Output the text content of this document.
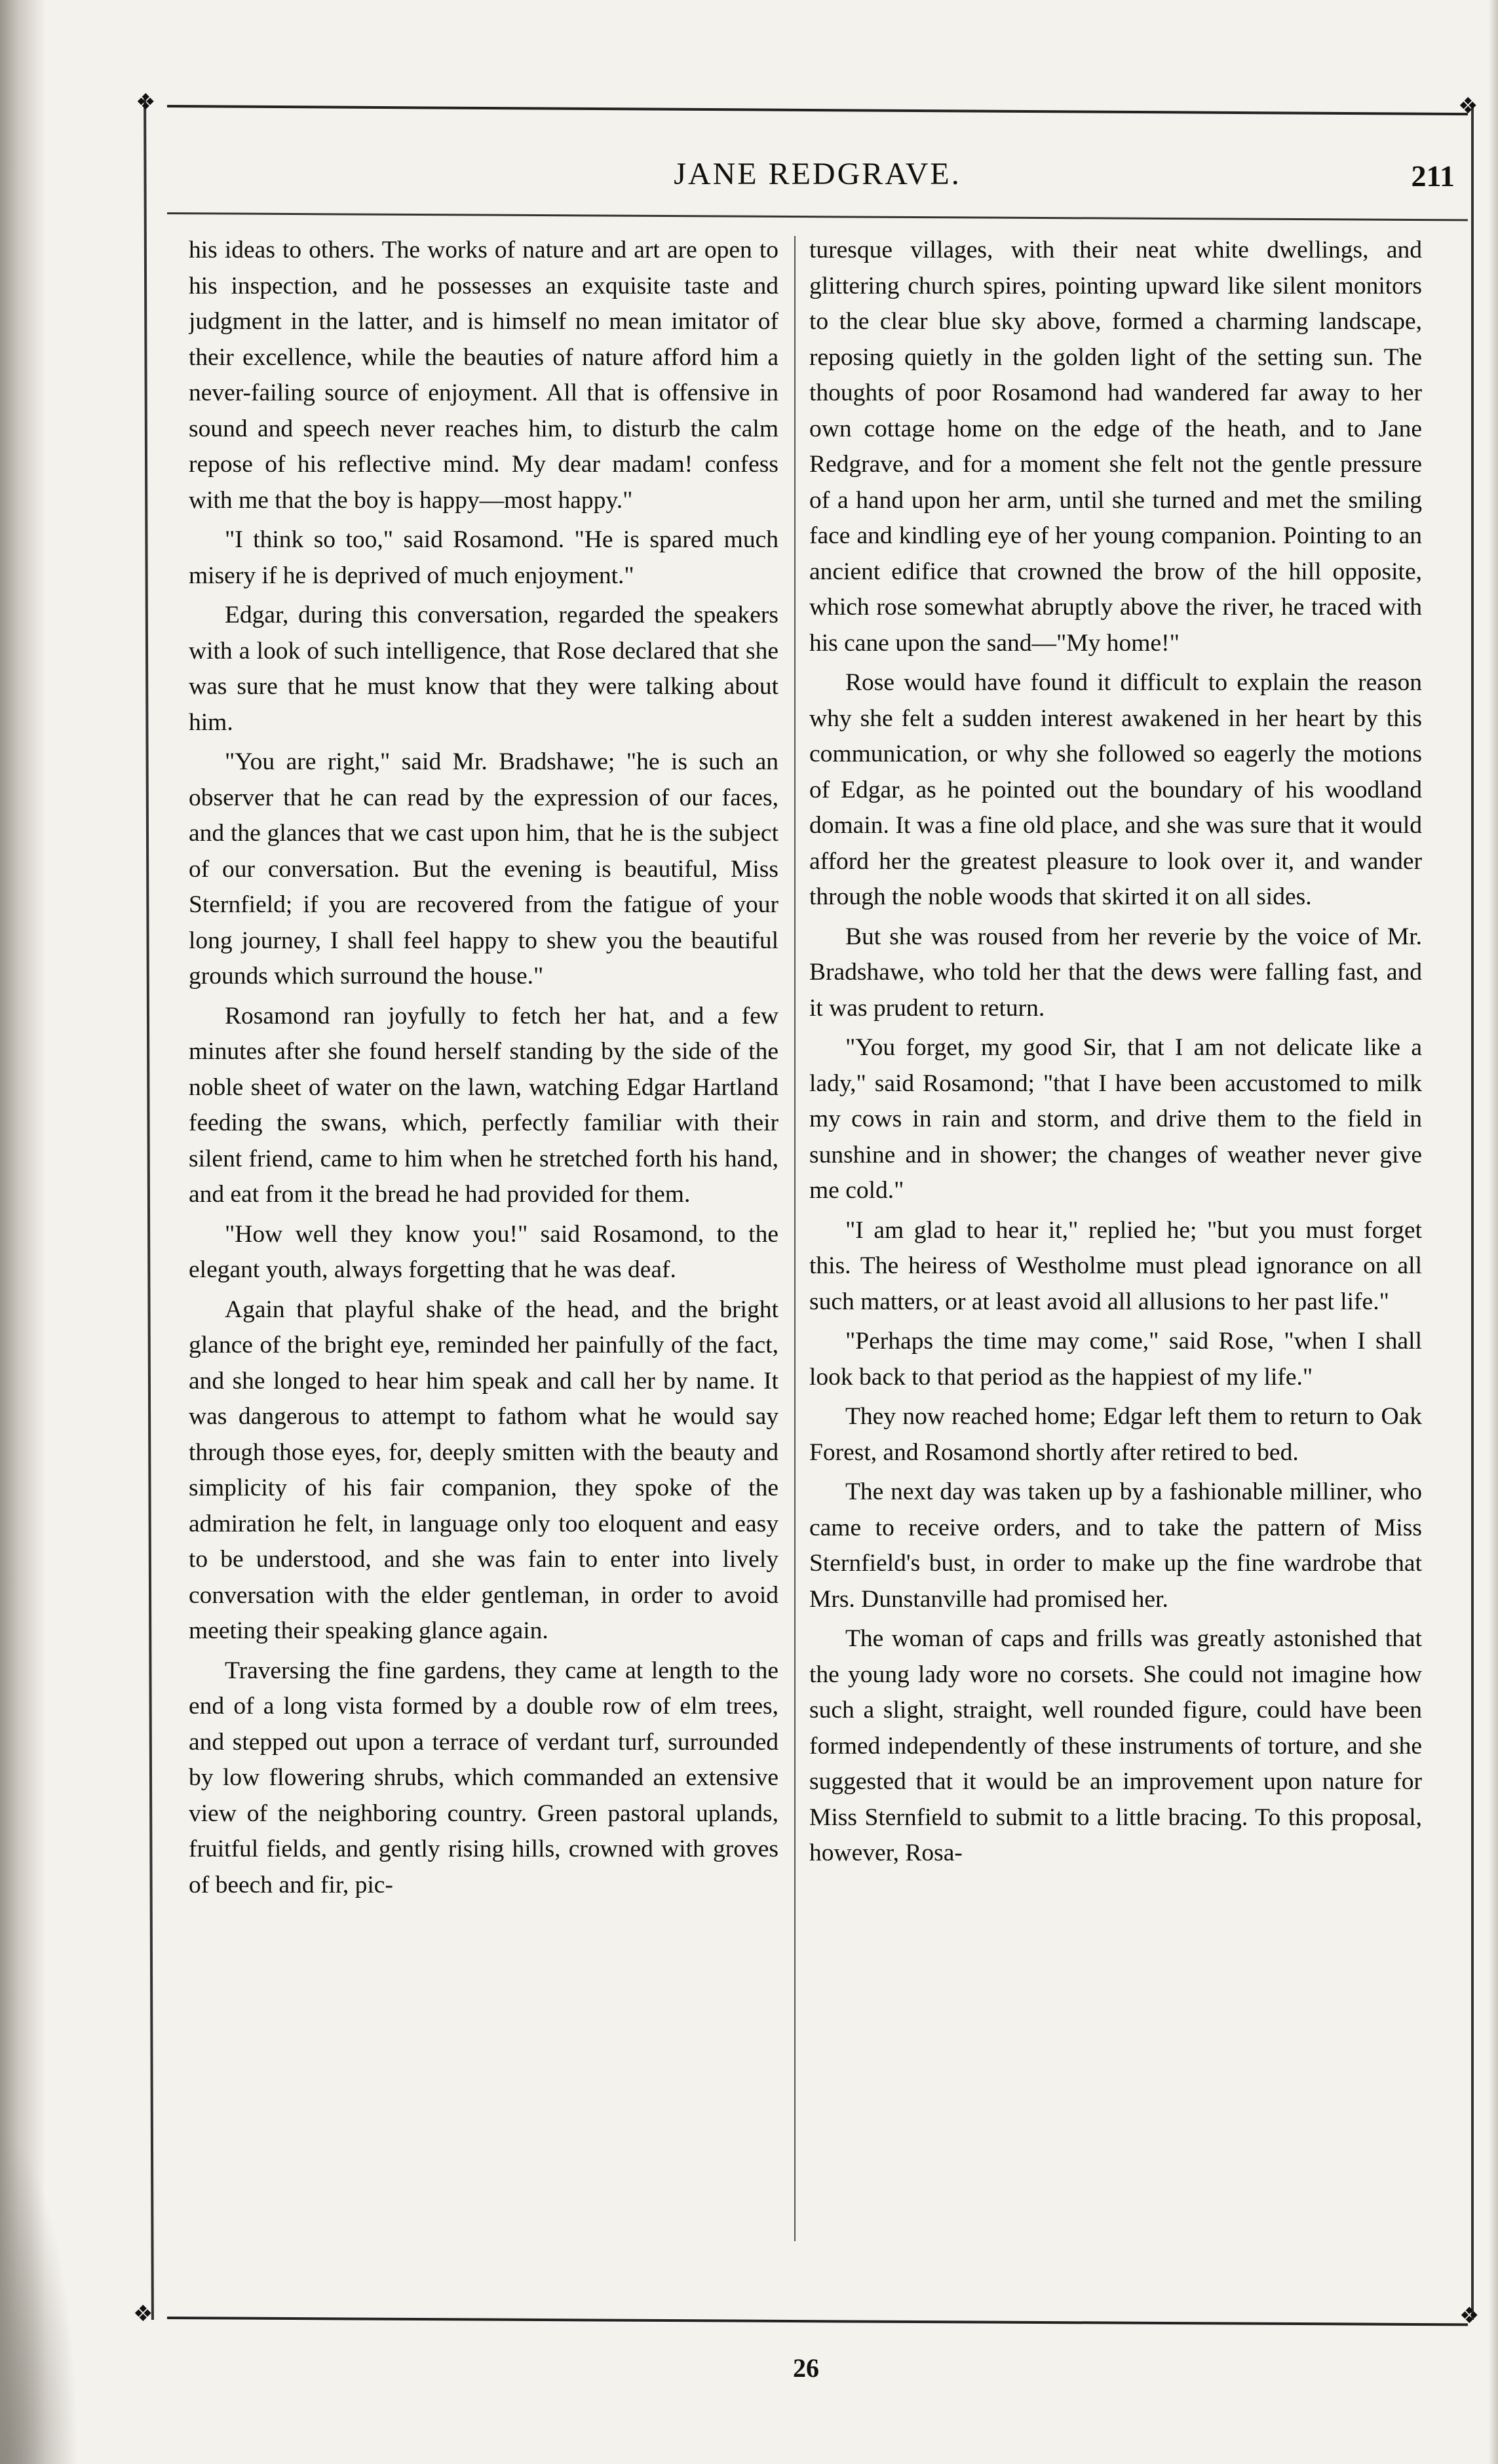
❖	❖
❖	❖
JANE REDGRAVE.	211

his ideas to others. The works of nature and art are open to his inspection, and he possesses an exquisite taste and judgment in the latter, and is himself no mean imitator of their excellence, while the beauties of nature afford him a never-failing source of enjoyment. All that is offensive in sound and speech never reaches him, to disturb the calm repose of his reflective mind. My dear madam! confess with me that the boy is happy—most happy."

"I think so too," said Rosamond. "He is spared much misery if he is deprived of much enjoyment."

Edgar, during this conversation, regarded the speakers with a look of such intelligence, that Rose declared that she was sure that he must know that they were talking about him.

"You are right," said Mr. Bradshawe; "he is such an observer that he can read by the expression of our faces, and the glances that we cast upon him, that he is the subject of our conversation. But the evening is beautiful, Miss Sternfield; if you are recovered from the fatigue of your long journey, I shall feel happy to shew you the beautiful grounds which surround the house."

Rosamond ran joyfully to fetch her hat, and a few minutes after she found herself standing by the side of the noble sheet of water on the lawn, watching Edgar Hartland feeding the swans, which, perfectly familiar with their silent friend, came to him when he stretched forth his hand, and eat from it the bread he had provided for them.

"How well they know you!" said Rosamond, to the elegant youth, always forgetting that he was deaf.

Again that playful shake of the head, and the bright glance of the bright eye, reminded her painfully of the fact, and she longed to hear him speak and call her by name. It was dangerous to attempt to fathom what he would say through those eyes, for, deeply smitten with the beauty and simplicity of his fair companion, they spoke of the admiration he felt, in language only too eloquent and easy to be understood, and she was fain to enter into lively conversation with the elder gentleman, in order to avoid meeting their speaking glance again.

Traversing the fine gardens, they came at length to the end of a long vista formed by a double row of elm trees, and stepped out upon a terrace of verdant turf, surrounded by low flowering shrubs, which commanded an extensive view of the neighboring country. Green pastoral uplands, fruitful fields, and gently rising hills, crowned with groves of beech and fir, pic-

turesque villages, with their neat white dwellings, and glittering church spires, pointing upward like silent monitors to the clear blue sky above, formed a charming landscape, reposing quietly in the golden light of the setting sun. The thoughts of poor Rosamond had wandered far away to her own cottage home on the edge of the heath, and to Jane Redgrave, and for a moment she felt not the gentle pressure of a hand upon her arm, until she turned and met the smiling face and kindling eye of her young companion. Pointing to an ancient edifice that crowned the brow of the hill opposite, which rose somewhat abruptly above the river, he traced with his cane upon the sand—"My home!"

Rose would have found it difficult to explain the reason why she felt a sudden interest awakened in her heart by this communication, or why she followed so eagerly the motions of Edgar, as he pointed out the boundary of his woodland domain. It was a fine old place, and she was sure that it would afford her the greatest pleasure to look over it, and wander through the noble woods that skirted it on all sides.

But she was roused from her reverie by the voice of Mr. Bradshawe, who told her that the dews were falling fast, and it was prudent to return.

"You forget, my good Sir, that I am not delicate like a lady," said Rosamond; "that I have been accustomed to milk my cows in rain and storm, and drive them to the field in sunshine and in shower; the changes of weather never give me cold."

"I am glad to hear it," replied he; "but you must forget this. The heiress of Westholme must plead ignorance on all such matters, or at least avoid all allusions to her past life."

"Perhaps the time may come," said Rose, "when I shall look back to that period as the happiest of my life."

They now reached home; Edgar left them to return to Oak Forest, and Rosamond shortly after retired to bed.

The next day was taken up by a fashionable milliner, who came to receive orders, and to take the pattern of Miss Sternfield's bust, in order to make up the fine wardrobe that Mrs. Dunstanville had promised her.

The woman of caps and frills was greatly astonished that the young lady wore no corsets. She could not imagine how such a slight, straight, well rounded figure, could have been formed independently of these instruments of torture, and she suggested that it would be an improvement upon nature for Miss Sternfield to submit to a little bracing. To this proposal, however, Rosa-

26
